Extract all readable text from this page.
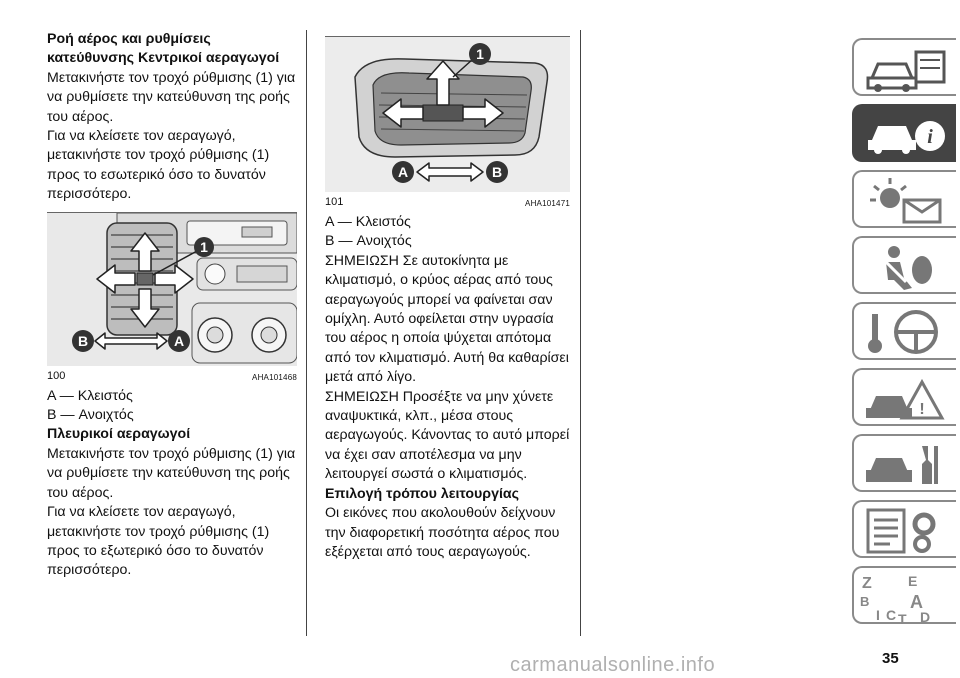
Ροή αέρος και ρυθμίσεις κατεύθυνσης Κεντρικοί αεραγωγοί

Μετακινήστε τον τροχό ρύθμισης (1) για να ρυθμίσετε την κατεύθυνση της ροής του αέρος.

Για να κλείσετε τον αεραγωγό, μετακινήστε τον τροχό ρύθμισης (1) προς το εσωτερικό όσο το δυνατόν περισσότερο.

1
B	A
100	AHA101468

A — Κλειστός

B — Ανοιχτός

Πλευρικοί αεραγωγοί

Μετακινήστε τον τροχό ρύθμισης (1) για να ρυθμίσετε την κατεύθυνση της ροής του αέρος.

Για να κλείσετε τον αεραγωγό, μετακινήστε τον τροχό ρύθμισης (1) προς το εξωτερικό όσο το δυνατόν περισσότερο.

1
A	B
101	AHA101471

A — Κλειστός

B — Ανοιχτός

ΣΗΜΕΙΩΣΗ Σε αυτοκίνητα με κλιματισμό, ο κρύος αέρας από τους αεραγωγούς μπορεί να φαίνεται σαν ομίχλη. Αυτό οφείλεται στην υγρασία του αέρος η οποία ψύχεται απότομα από τον κλιματισμό. Αυτή θα καθαρίσει μετά από λίγο.

ΣΗΜΕΙΩΣΗ Προσέξτε να μην χύνετε αναψυκτικά, κλπ., μέσα στους αεραγωγούς. Κάνοντας το αυτό μπορεί να έχει σαν αποτέλεσμα να μην λειτουργεί σωστά ο κλιματισμός.

Επιλογή τρόπου λειτουργίας

Οι εικόνες που ακολουθούν δείχνουν την διαφορετική ποσότητα αέρος που εξέρχεται από τους αεραγωγούς.

i
!
Z	E
B A
I C T D
carmanualsonline.info	35
